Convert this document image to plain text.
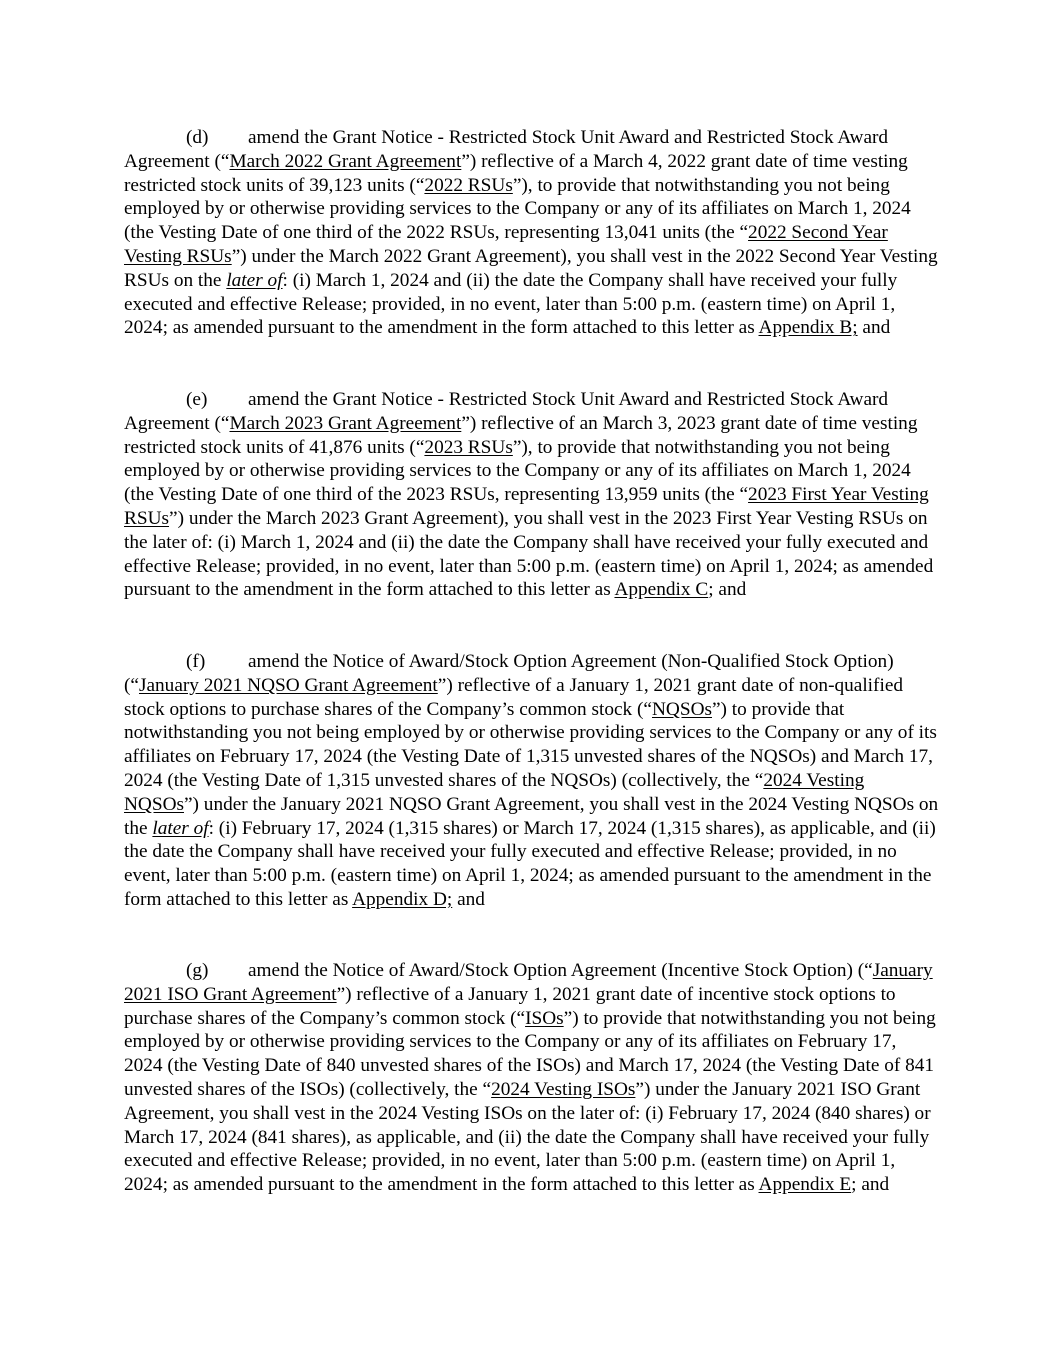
(d) amend the Grant Notice - Restricted Stock Unit Award and Restricted Stock Award Agreement (“March 2022 Grant Agreement”) reflective of a March 4, 2022 grant date of time vesting restricted stock units of 39,123 units (“2022 RSUs”), to provide that notwithstanding you not being employed by or otherwise providing services to the Company or any of its affiliates on March 1, 2024 (the Vesting Date of one third of the 2022 RSUs, representing 13,041 units (the “2022 Second Year Vesting RSUs”) under the March 2022 Grant Agreement), you shall vest in the 2022 Second Year Vesting RSUs on the later of: (i) March 1, 2024 and (ii) the date the Company shall have received your fully executed and effective Release; provided, in no event, later than 5:00 p.m. (eastern time) on April 1, 2024; as amended pursuant to the amendment in the form attached to this letter as Appendix B; and

(e) amend the Grant Notice - Restricted Stock Unit Award and Restricted Stock Award Agreement (“March 2023 Grant Agreement”) reflective of an March 3, 2023 grant date of time vesting restricted stock units of 41,876 units (“2023 RSUs”), to provide that notwithstanding you not being employed by or otherwise providing services to the Company or any of its affiliates on March 1, 2024 (the Vesting Date of one third of the 2023 RSUs, representing 13,959 units (the “2023 First Year Vesting RSUs”) under the March 2023 Grant Agreement), you shall vest in the 2023 First Year Vesting RSUs on the later of: (i) March 1, 2024 and (ii) the date the Company shall have received your fully executed and effective Release; provided, in no event, later than 5:00 p.m. (eastern time) on April 1, 2024; as amended pursuant to the amendment in the form attached to this letter as Appendix C; and

(f) amend the Notice of Award/Stock Option Agreement (Non-Qualified Stock Option) (“January 2021 NQSO Grant Agreement”) reflective of a January 1, 2021 grant date of non-qualified stock options to purchase shares of the Company’s common stock (“NQSOs”) to provide that notwithstanding you not being employed by or otherwise providing services to the Company or any of its affiliates on February 17, 2024 (the Vesting Date of 1,315 unvested shares of the NQSOs) and March 17, 2024 (the Vesting Date of 1,315 unvested shares of the NQSOs) (collectively, the “2024 Vesting NQSOs”) under the January 2021 NQSO Grant Agreement, you shall vest in the 2024 Vesting NQSOs on the later of: (i) February 17, 2024 (1,315 shares) or March 17, 2024 (1,315 shares), as applicable, and (ii) the date the Company shall have received your fully executed and effective Release; provided, in no event, later than 5:00 p.m. (eastern time) on April 1, 2024; as amended pursuant to the amendment in the form attached to this letter as Appendix D; and

(g) amend the Notice of Award/Stock Option Agreement (Incentive Stock Option) (“January 2021 ISO Grant Agreement”) reflective of a January 1, 2021 grant date of incentive stock options to purchase shares of the Company’s common stock (“ISOs”) to provide that notwithstanding you not being employed by or otherwise providing services to the Company or any of its affiliates on February 17, 2024 (the Vesting Date of 840 unvested shares of the ISOs) and March 17, 2024 (the Vesting Date of 841 unvested shares of the ISOs) (collectively, the “2024 Vesting ISOs”) under the January 2021 ISO Grant Agreement, you shall vest in the 2024 Vesting ISOs on the later of: (i) February 17, 2024 (840 shares) or March 17, 2024 (841 shares), as applicable, and (ii) the date the Company shall have received your fully executed and effective Release; provided, in no event, later than 5:00 p.m. (eastern time) on April 1, 2024; as amended pursuant to the amendment in the form attached to this letter as Appendix E; and
